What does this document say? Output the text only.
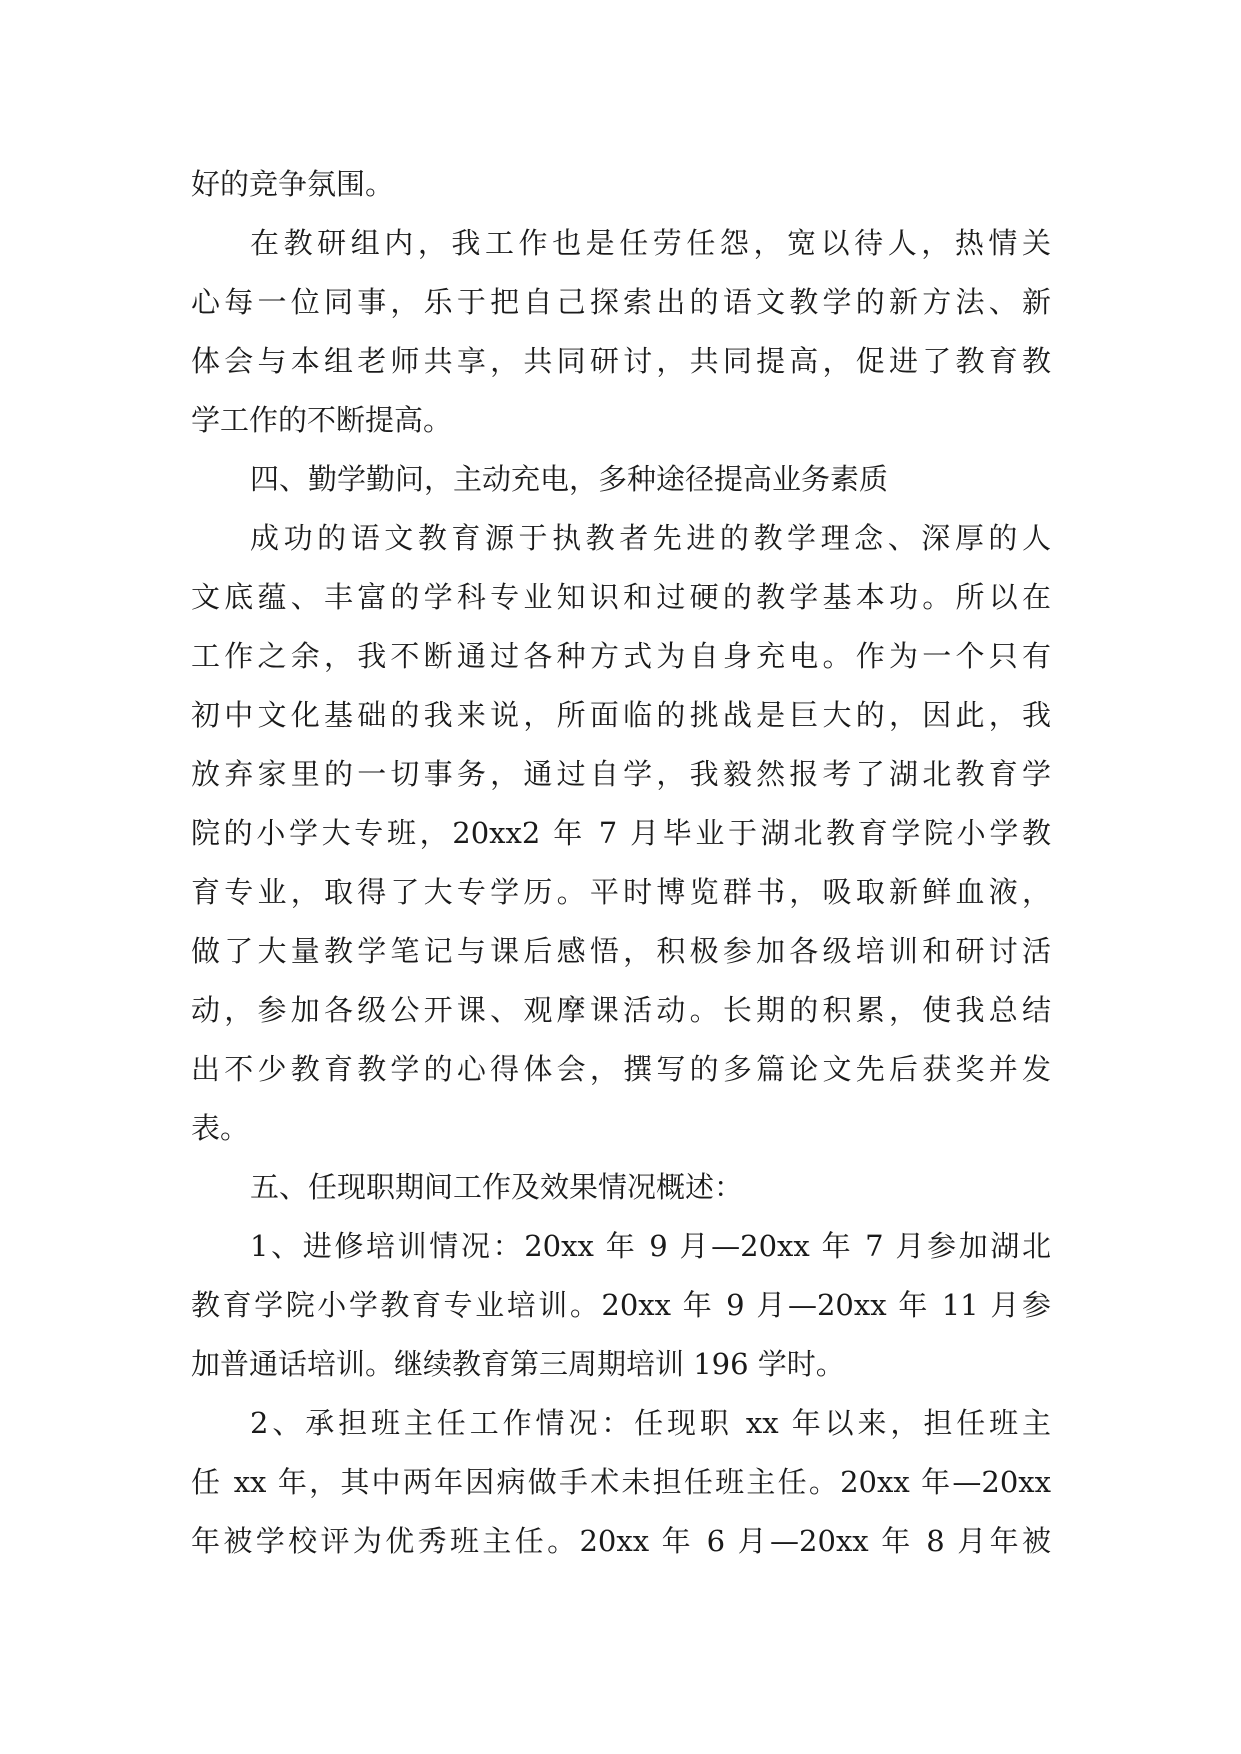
好的竞争氛围。
在教研组内，我工作也是任劳任怨，宽以待人，热情关
心每一位同事，乐于把自己探索出的语文教学的新方法、新
体会与本组老师共享，共同研讨，共同提高，促进了教育教
学工作的不断提高。
四、勤学勤问，主动充电，多种途径提高业务素质
成功的语文教育源于执教者先进的教学理念、深厚的人
文底蕴、丰富的学科专业知识和过硬的教学基本功。所以在
工作之余，我不断通过各种方式为自身充电。作为一个只有
初中文化基础的我来说，所面临的挑战是巨大的，因此，我
放弃家里的一切事务，通过自学，我毅然报考了湖北教育学
院的小学大专班，20xx2 年 7 月毕业于湖北教育学院小学教
育专业，取得了大专学历。平时博览群书，吸取新鲜血液，
做了大量教学笔记与课后感悟，积极参加各级培训和研讨活
动，参加各级公开课、观摩课活动。长期的积累，使我总结
出不少教育教学的心得体会，撰写的多篇论文先后获奖并发
表。
五、任现职期间工作及效果情况概述：
1、进修培训情况：20xx 年 9 月—20xx 年 7 月参加湖北
教育学院小学教育专业培训。20xx 年 9 月—20xx 年 11 月参
加普通话培训。继续教育第三周期培训 196 学时。
2、承担班主任工作情况：任现职 xx 年以来，担任班主
任 xx 年，其中两年因病做手术未担任班主任。20xx 年—20xx
年被学校评为优秀班主任。20xx 年 6 月—20xx 年 8 月年被
